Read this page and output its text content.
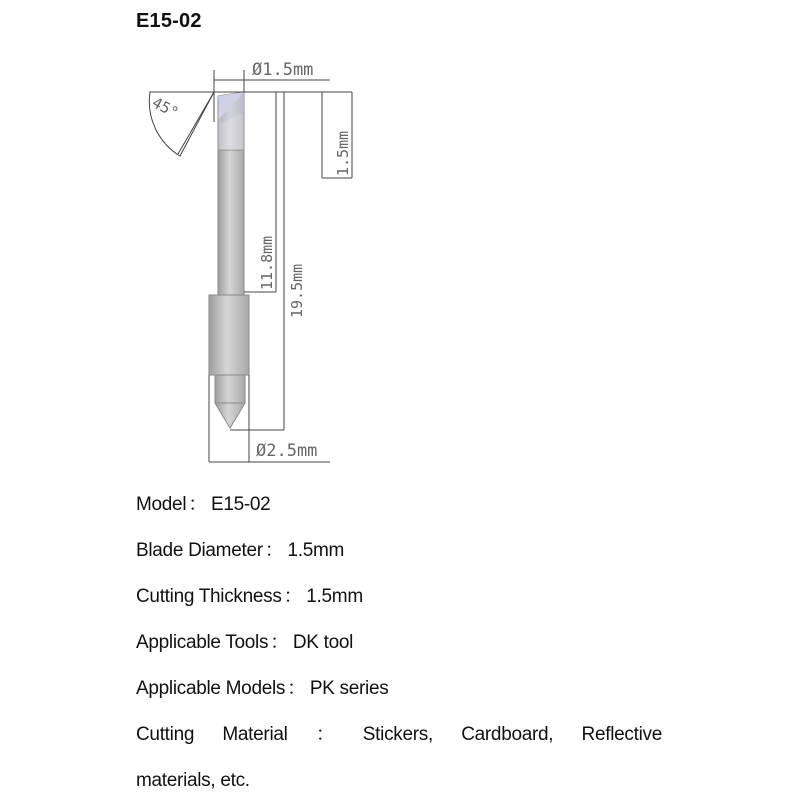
E15-02
45°
Ø1.5mm
1.5mm
11.8mm
19.5mm
Ø2.5mm
Model ： E15-02
Blade Diameter ： 1.5mm
Cutting Thickness ： 1.5mm
Applicable Tools ： DK tool
Applicable Models ： PK series
Cutting Material ： Stickers, Cardboard, Reflective
materials, etc.
